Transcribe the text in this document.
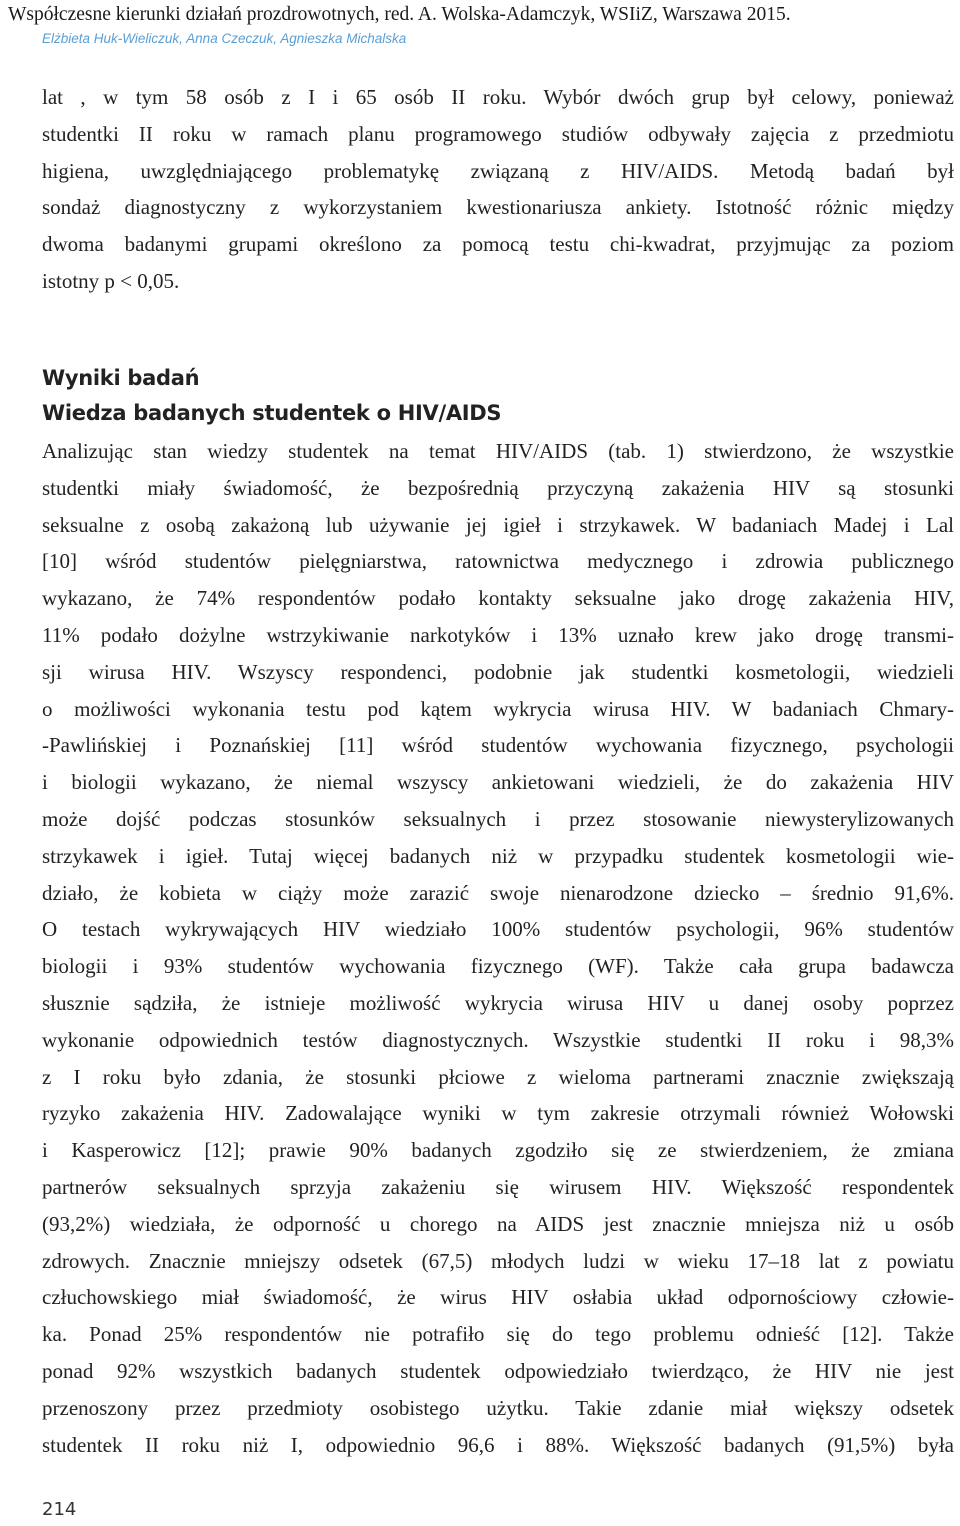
Współczesne kierunki działań prozdrowotnych, red. A. Wolska-Adamczyk, WSIiZ, Warszawa 2015.
Elżbieta Huk-Wieliczuk, Anna Czeczuk, Agnieszka Michalska
lat , w tym 58 osób z I i 65 osób II roku. Wybór dwóch grup był celowy, ponieważ
studentki II roku w ramach planu programowego studiów odbywały zajęcia z przedmiotu
higiena, uwzględniającego problematykę związaną z HIV/AIDS. Metodą badań był
sondaż diagnostyczny z wykorzystaniem kwestionariusza ankiety. Istotność różnic między
dwoma badanymi grupami określono za pomocą testu chi-kwadrat, przyjmując za poziom
istotny p < 0,05.
Wyniki badań
Wiedza badanych studentek o HIV/AIDS
Analizując stan wiedzy studentek na temat HIV/AIDS (tab. 1) stwierdzono, że wszystkie
studentki miały świadomość, że bezpośrednią przyczyną zakażenia HIV są stosunki
seksualne z osobą zakażoną lub używanie jej igieł i strzykawek. W badaniach Madej i Lal
[10] wśród studentów pielęgniarstwa, ratownictwa medycznego i zdrowia publicznego
wykazano, że 74% respondentów podało kontakty seksualne jako drogę zakażenia HIV,
11% podało dożylne wstrzykiwanie narkotyków i 13% uznało krew jako drogę transmi-
sji wirusa HIV. Wszyscy respondenci, podobnie jak studentki kosmetologii, wiedzieli
o możliwości wykonania testu pod kątem wykrycia wirusa HIV. W badaniach Chmary-
-Pawlińskiej i Poznańskiej [11] wśród studentów wychowania fizycznego, psychologii
i biologii wykazano, że niemal wszyscy ankietowani wiedzieli, że do zakażenia HIV
może dojść podczas stosunków seksualnych i przez stosowanie niewysterylizowanych
strzykawek i igieł. Tutaj więcej badanych niż w przypadku studentek kosmetologii wie-
działo, że kobieta w ciąży może zarazić swoje nienarodzone dziecko – średnio 91,6%.
O testach wykrywających HIV wiedziało 100% studentów psychologii, 96% studentów
biologii i 93% studentów wychowania fizycznego (WF). Także cała grupa badawcza
słusznie sądziła, że istnieje możliwość wykrycia wirusa HIV u danej osoby poprzez
wykonanie odpowiednich testów diagnostycznych. Wszystkie studentki II roku i 98,3%
z I roku było zdania, że stosunki płciowe z wieloma partnerami znacznie zwiększają
ryzyko zakażenia HIV. Zadowalające wyniki w tym zakresie otrzymali również Wołowski
i Kasperowicz [12]; prawie 90% badanych zgodziło się ze stwierdzeniem, że zmiana
partnerów seksualnych sprzyja zakażeniu się wirusem HIV. Większość respondentek
(93,2%) wiedziała, że odporność u chorego na AIDS jest znacznie mniejsza niż u osób
zdrowych. Znacznie mniejszy odsetek (67,5) młodych ludzi w wieku 17–18 lat z powiatu
człuchowskiego miał świadomość, że wirus HIV osłabia układ odpornościowy człowie-
ka. Ponad 25% respondentów nie potrafiło się do tego problemu odnieść [12]. Także
ponad 92% wszystkich badanych studentek odpowiedziało twierdząco, że HIV nie jest
przenoszony przez przedmioty osobistego użytku. Takie zdanie miał większy odsetek
studentek II roku niż I, odpowiednio 96,6 i 88%. Większość badanych (91,5%) była
214
